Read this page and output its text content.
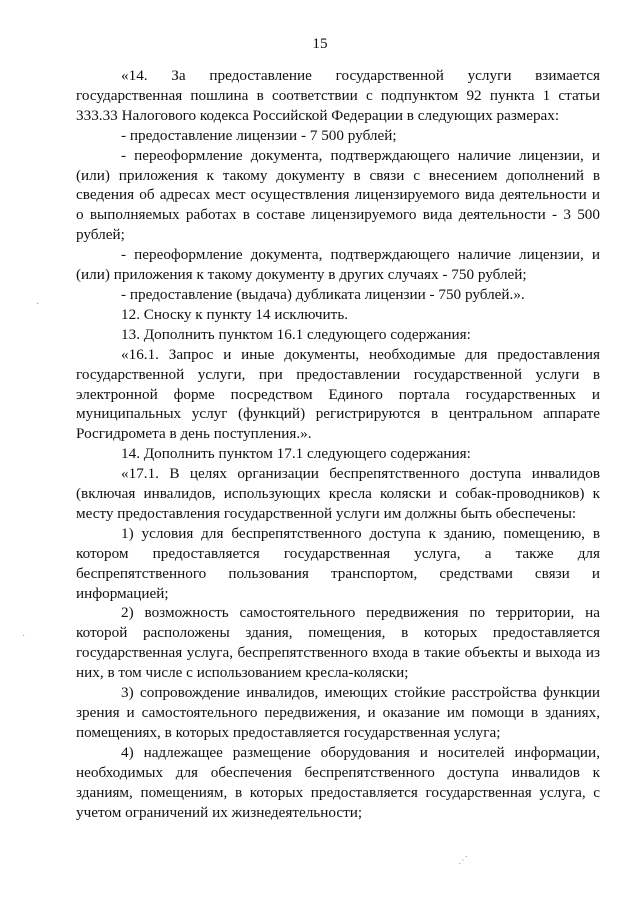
15

«14. За предоставление государственной услуги взимается государственная пошлина в соответствии с подпунктом 92 пункта 1 статьи 333.33 Налогового кодекса Российской Федерации в следующих размерах:

- предоставление лицензии - 7 500 рублей;

- переоформление документа, подтверждающего наличие лицензии, и (или) приложения к такому документу в связи с внесением дополнений в сведения об адресах мест осуществления лицензируемого вида деятельности и о выполняемых работах в составе лицензируемого вида деятельности - 3 500 рублей;

- переоформление документа, подтверждающего наличие лицензии, и (или) приложения к такому документу в других случаях - 750 рублей;

- предоставление (выдача) дубликата лицензии - 750 рублей.».

12. Сноску к пункту 14 исключить.

13. Дополнить пунктом 16.1 следующего содержания:

«16.1. Запрос и иные документы, необходимые для предоставления государственной услуги, при предоставлении государственной услуги в электронной форме посредством Единого портала государственных и муниципальных услуг (функций) регистрируются в центральном аппарате Росгидромета в день поступления.».

14. Дополнить пунктом 17.1 следующего содержания:

«17.1. В целях организации беспрепятственного доступа инвалидов (включая инвалидов, использующих кресла коляски и собак-проводников) к месту предоставления государственной услуги им должны быть обеспечены:

1) условия для беспрепятственного доступа к зданию, помещению, в котором предоставляется государственная услуга, а также для беспрепятственного пользования транспортом, средствами связи и информацией;

2) возможность самостоятельного передвижения по территории, на которой расположены здания, помещения, в которых предоставляется государственная услуга, беспрепятственного входа в такие объекты и выхода из них, в том числе с использованием кресла-коляски;

3) сопровождение инвалидов, имеющих стойкие расстройства функции зрения и самостоятельного передвижения, и оказание им помощи в зданиях, помещениях, в которых предоставляется государственная услуга;

4) надлежащее размещение оборудования и носителей информации, необходимых для обеспечения беспрепятственного доступа инвалидов к зданиям, помещениям, в которых предоставляется государственная услуга, с учетом ограничений их жизнедеятельности;

·
·
⋰
